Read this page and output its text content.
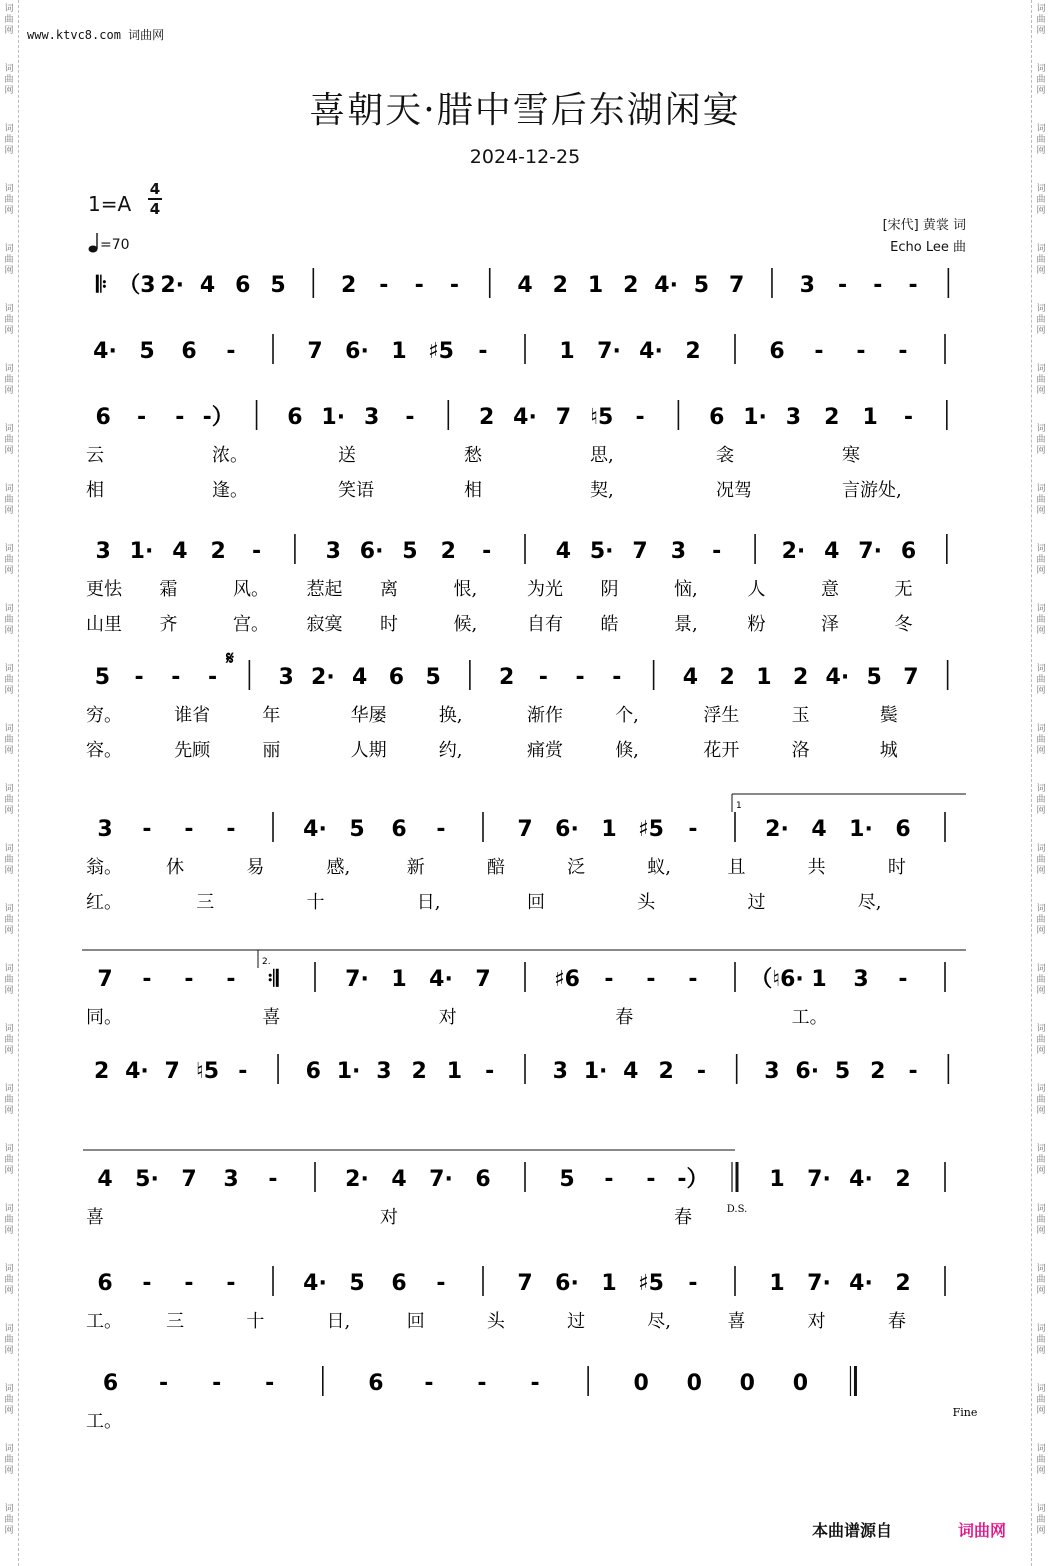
词
曲
网
词
曲
网
词
曲
网
词
曲
网
词
曲
网
词
曲
网
词
曲
网
词
曲
网
词
曲
网
词
曲
网
词
曲
网
词
曲
网
词
曲
网
词
曲
网
词
曲
网
词
曲
网
词
曲
网
词
曲
网
词
曲
网
词
曲
网
词
曲
网
词
曲
网
词
曲
网
词
曲
网
词
曲
网
词
曲
网
词
曲
网
词
曲
网
词
曲
网
词
曲
网
词
曲
网
词
曲
网
词
曲
网
词
曲
网
词
曲
网
词
曲
网
词
曲
网
词
曲
网
词
曲
网
词
曲
网
词
曲
网
词
曲
网
词
曲
网
词
曲
网
词
曲
网
词
曲
网
词
曲
网
词
曲
网
词
曲
网
词
曲
网
词
曲
网
词
曲
网
www.ktvc8.com 词曲网
喜朝天·腊中雪后东湖闲宴
2024-12-25
1=A
4
4
=70
[宋代] 黄裳 词
Echo Lee 曲
𝄆 （3 2· 4 6 5	2 - - -	4 2 1 2 4· 5 7	3 - - -
4· 5 6 -	7 6· 1 ♯5 -	1 7· 4· 2	6 - - -
6 - - -） 6 1· 3 -	2 4· 7 ♮5 -	6 1· 3 2 1 -
云	浓。	送	愁	思,	衾	寒
相	逢。	笑语	相	契,	况驾	言游处,
3 1· 4 2 -	3 6· 5 2 -	4 5· 7 3 -	2· 4 7· 6
更怯 霜	风。 惹起 离	恨,	为光 阴	恼,	人	意	无
山里 齐	宫。 寂寞 时	候,	自有 皓	景,	粉	泽	冬
5 - - -	3 2· 4 6 5	2 - - -	4 2 1 2 4· 5 7
穷。	谁省	年	华屡	换,	渐作	个,	浮生	玉	鬓
容。	先顾	丽	人期	约,	痛赏	倏,	花开	洛	城
3 - - -	4· 5 6 -	7 6· 1 ♯5 -	2· 4 1· 6
翁。 休	易	感,	新	醅	泛	蚁,	且	共	时
红。	三	十	日,	回	头	过	尽,
7 - - - 𝄇	7· 1 4· 7	♯6 - - - （♮6· 1 3 -
同。	喜	对	春	工。
2 4· 7 ♮5 -	6 1· 3 2 1 -	3 1· 4 2 -	3 6· 5 2 -
4 5· 7 3 -	2· 4 7· 6	5 - - -）	1 7· 4· 2
喜	对	春
6 - - -	4· 5 6 -	7 6· 1 ♯5 -	1 7· 4· 2
工。 三	十	日,	回	头	过	尽,	喜	对	春
6 - - -	6 - - -	0 0 0 0
工。
1
2.
𝄋
D.S.
Fine
本曲谱源自	词曲网
